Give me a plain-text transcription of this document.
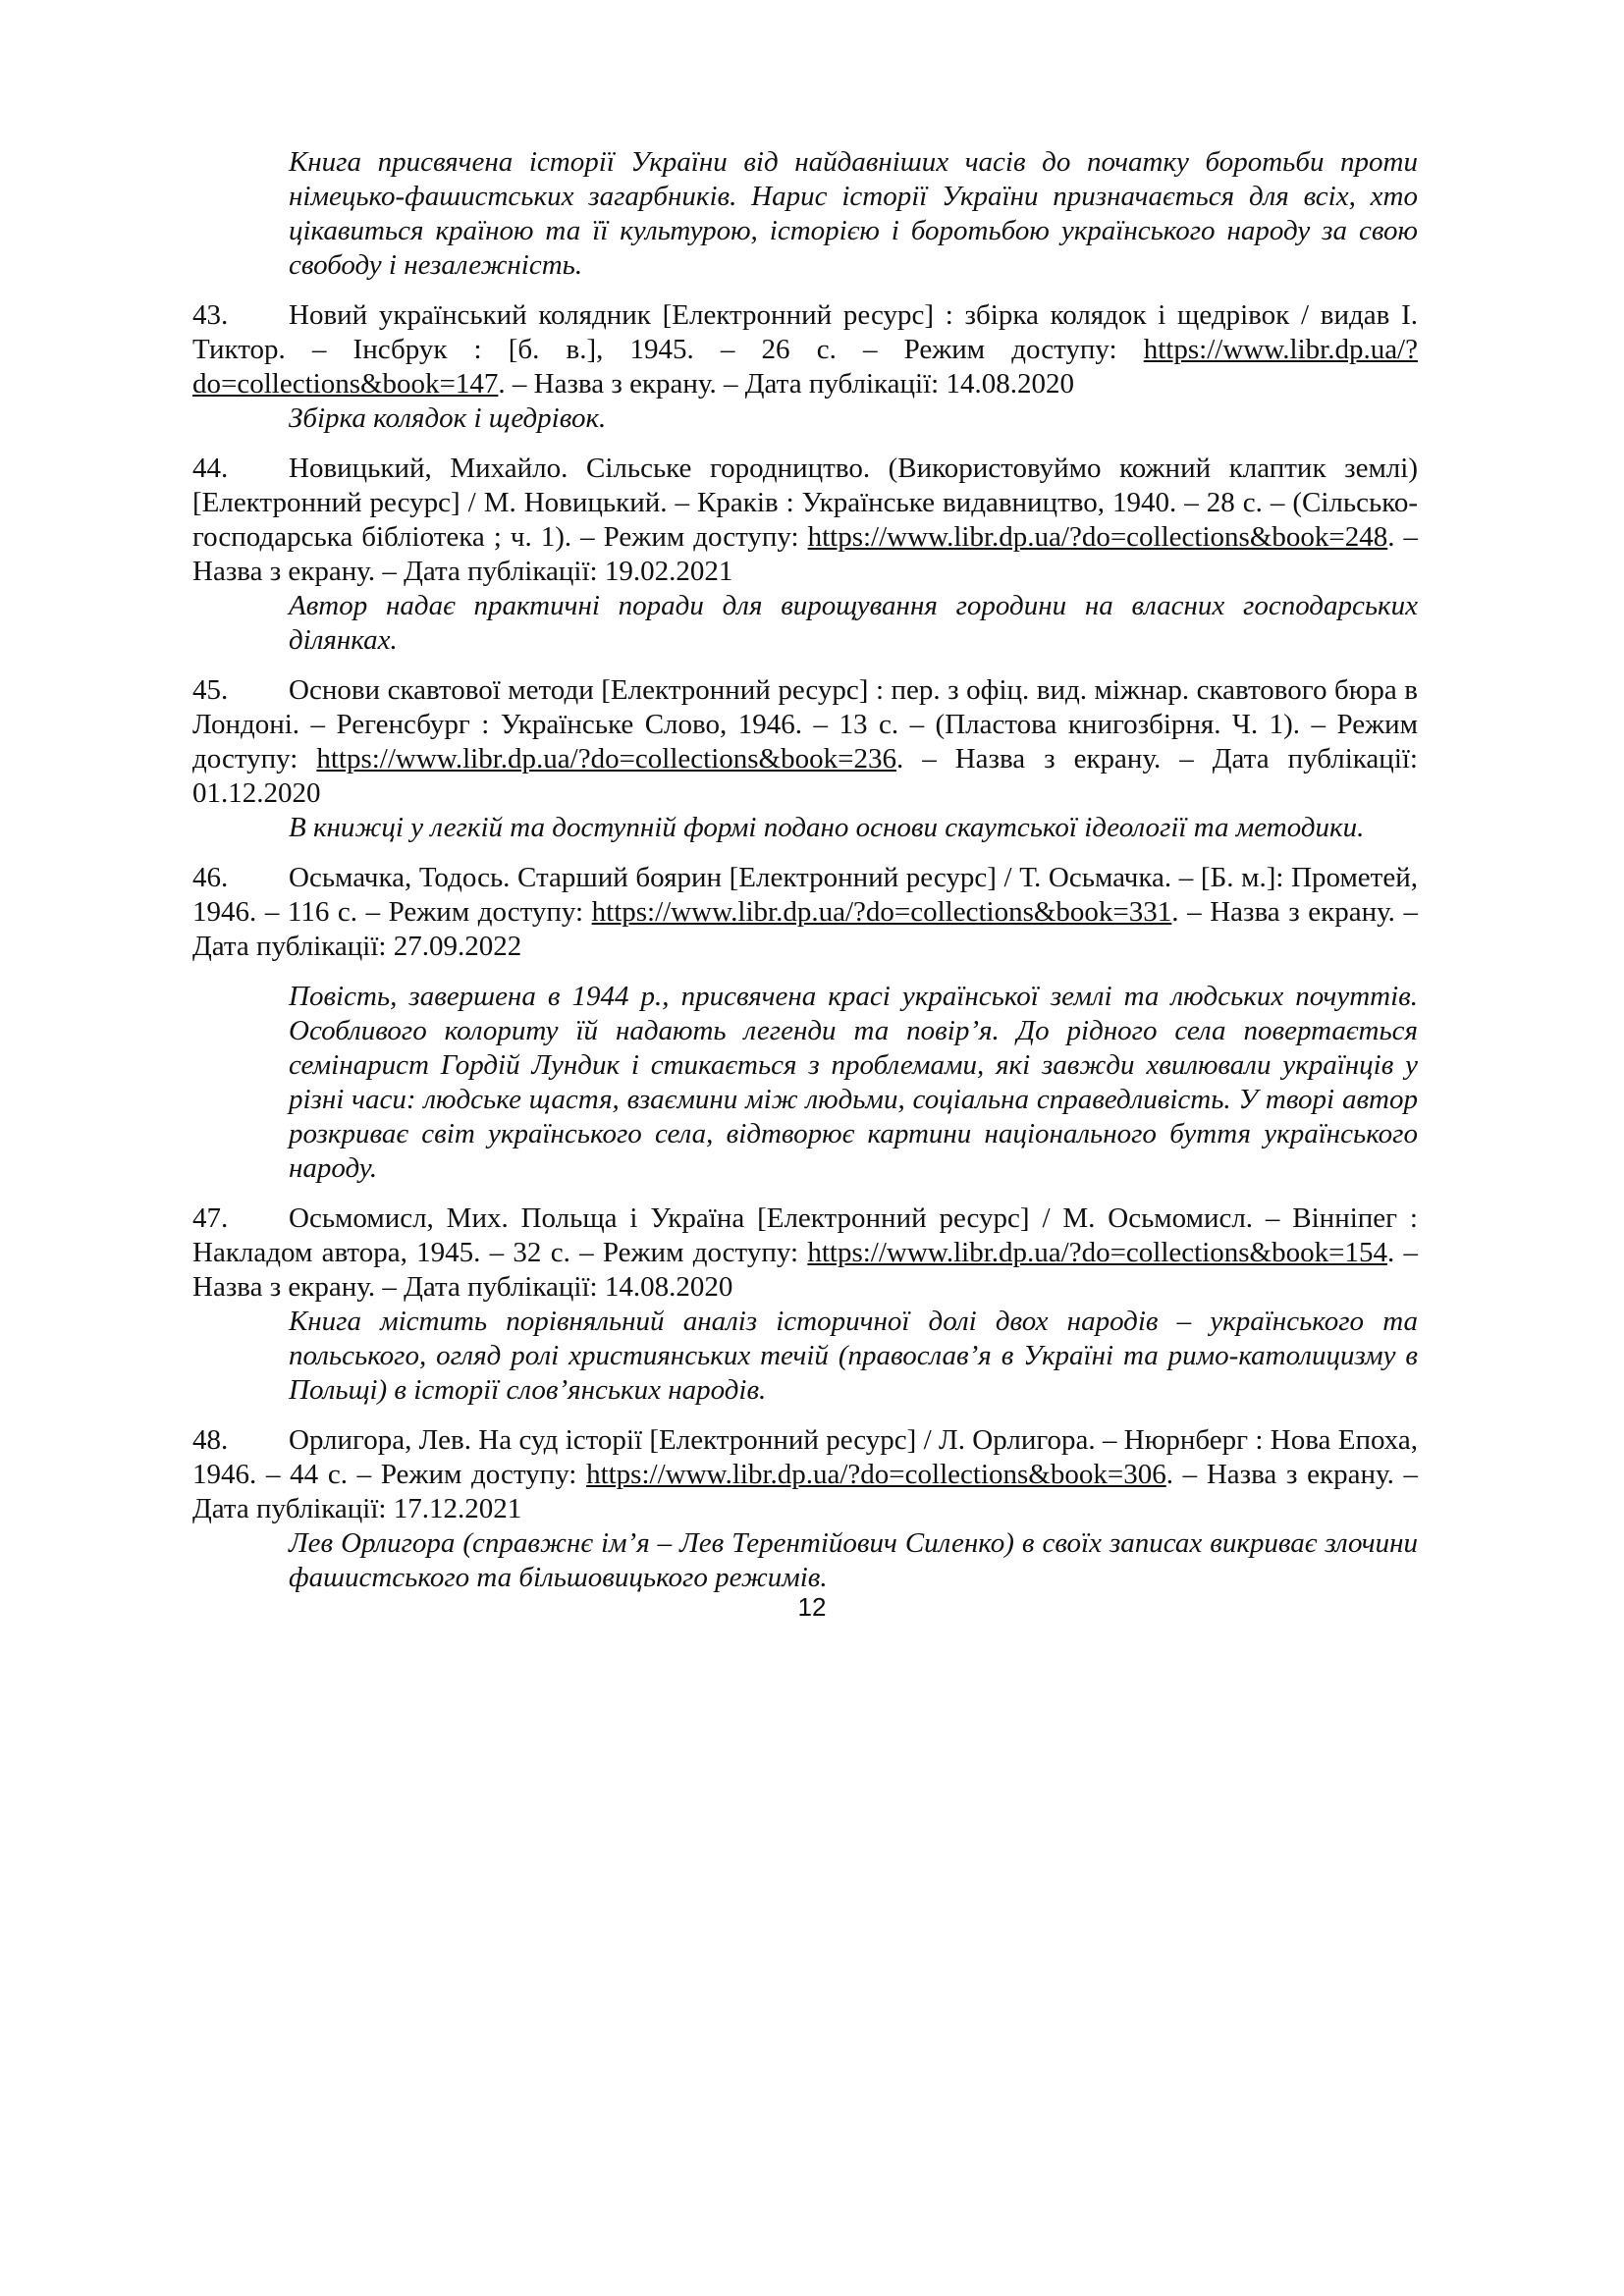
Книга присвячена історії України від найдавніших часів до початку боротьби проти німецько-фашистських загарбників. Нарис історії України призначається для всіх, хто цікавиться країною та її культурою, історією і боротьбою українського народу за свою свободу і незалежність.

43. Новий український колядник [Електронний ресурс] : збірка колядок і щедрівок / видав І. Тиктор. – Інсбрук : [б. в.], 1945. – 26 с. – Режим доступу: https://www.libr.dp.ua/?do=collections&book=147. – Назва з екрану. – Дата публікації: 14.08.2020

Збірка колядок і щедрівок.

44. Новицький, Михайло. Сільське городництво. (Використовуймо кожний клаптик землі) [Електронний ресурс] / М. Новицький. – Краків : Українське видавництво, 1940. – 28 с. – (Сільсько-господарська бібліотека ; ч. 1). – Режим доступу: https://www.libr.dp.ua/?do=collections&book=248. – Назва з екрану. – Дата публікації: 19.02.2021

Автор надає практичні поради для вирощування городини на власних господарських ділянках.

45. Основи скавтової методи [Електронний ресурс] : пер. з офіц. вид. міжнар. скавтового бюра в Лондоні. – Регенсбург : Українське Слово, 1946. – 13 с. – (Пластова книгозбірня. Ч. 1). – Режим доступу: https://www.libr.dp.ua/?do=collections&book=236. – Назва з екрану. – Дата публікації: 01.12.2020

В книжці у легкій та доступній формі подано основи скаутської ідеології та методики.

46. Осьмачка, Тодось. Старший боярин [Електронний ресурс] / Т. Осьмачка. – [Б. м.]: Прометей, 1946. – 116 с. – Режим доступу: https://www.libr.dp.ua/?do=collections&book=331. – Назва з екрану. – Дата публікації: 27.09.2022

Повість, завершена в 1944 р., присвячена красі української землі та людських почуттів. Особливого колориту їй надають легенди та повір’я. До рідного села повертається семінарист Гордій Лундик і стикається з проблемами, які завжди хвилювали українців у різні часи: людське щастя, взаємини між людьми, соціальна справедливість. У творі автор розкриває світ українського села, відтворює картини національного буття українського народу.

47. Осьмомисл, Мих. Польща і Україна [Електронний ресурс] / М. Осьмомисл. – Вінніпег : Накладом автора, 1945. – 32 с. – Режим доступу: https://www.libr.dp.ua/?do=collections&book=154. – Назва з екрану. – Дата публікації: 14.08.2020

Книга містить порівняльний аналіз історичної долі двох народів – українського та польського, огляд ролі християнських течій (православ’я в Україні та римо-католицизму в Польщі) в історії слов’янських народів.

48. Орлигора, Лев. На суд історії [Електронний ресурс] / Л. Орлигора. – Нюрнберг : Нова Епоха, 1946. – 44 с. – Режим доступу: https://www.libr.dp.ua/?do=collections&book=306. – Назва з екрану. – Дата публікації: 17.12.2021

Лев Орлигора (справжнє ім’я – Лев Терентійович Силенко) в своїх записах викриває злочини фашистського та більшовицького режимів.

12
